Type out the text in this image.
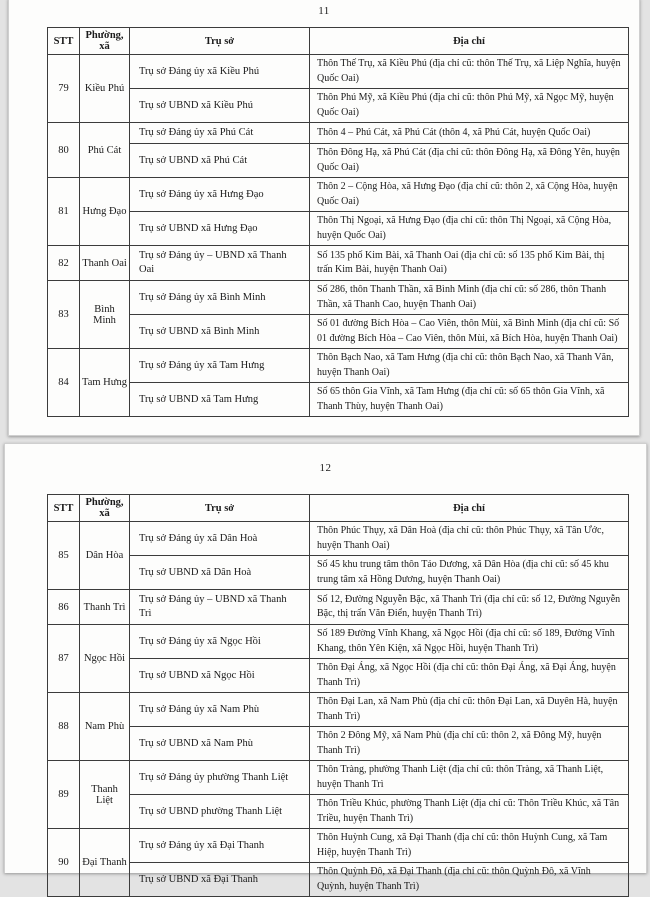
11
STT	Phường, xã	Trụ sở	Địa chỉ
79	Kiều Phú	Trụ sở Đảng ủy xã Kiều Phú	Thôn Thế Trụ, xã Kiều Phú (địa chỉ cũ: thôn Thế Trụ, xã Liệp Nghĩa, huyện Quốc Oai)
		Trụ sở UBND xã Kiều Phú	Thôn Phú Mỹ, xã Kiều Phú (địa chỉ cũ: thôn Phú Mỹ, xã Ngọc Mỹ, huyện Quốc Oai)
80	Phú Cát	Trụ sở Đảng ủy xã Phú Cát	Thôn 4 – Phú Cát, xã Phú Cát (thôn 4, xã Phú Cát, huyện Quốc Oai)
		Trụ sở UBND xã Phú Cát	Thôn Đông Hạ, xã Phú Cát (địa chỉ cũ: thôn Đông Hạ, xã Đông Yên, huyện Quốc Oai)
81	Hưng Đạo	Trụ sở Đảng ủy xã Hưng Đạo	Thôn 2 – Cộng Hòa, xã Hưng Đạo (địa chỉ cũ: thôn 2, xã Cộng Hòa, huyện Quốc Oai)
		Trụ sở UBND xã Hưng Đạo	Thôn Thị Ngoại, xã Hưng Đạo (địa chỉ cũ: thôn Thị Ngoại, xã Cộng Hòa, huyện Quốc Oai)
82	Thanh Oai	Trụ sở Đảng ủy – UBND xã Thanh Oai	Số 135 phố Kim Bài, xã Thanh Oai (địa chỉ cũ: số 135 phố Kim Bài, thị trấn Kim Bài, huyện Thanh Oai)
83	Bình Minh	Trụ sở Đảng ủy xã Bình Minh	Số 286, thôn Thanh Thần, xã Bình Minh (địa chỉ cũ: số 286, thôn Thanh Thần, xã Thanh Cao, huyện Thanh Oai)
		Trụ sở UBND xã Bình Minh	Số 01 đường Bích Hòa – Cao Viên, thôn Mùi, xã Bình Minh (địa chỉ cũ: Số 01 đường Bích Hòa – Cao Viên, thôn Mùi, xã Bích Hòa, huyện Thanh Oai)
84	Tam Hưng	Trụ sở Đảng ủy xã Tam Hưng	Thôn Bạch Nao, xã Tam Hưng (địa chỉ cũ: thôn Bạch Nao, xã Thanh Văn, huyện Thanh Oai)
		Trụ sở UBND xã Tam Hưng	Số 65 thôn Gia Vĩnh, xã Tam Hưng (địa chỉ cũ: số 65 thôn Gia Vĩnh, xã Thanh Thùy, huyện Thanh Oai)
12
STT	Phường, xã	Trụ sở	Địa chỉ
85	Dân Hòa	Trụ sở Đảng ủy xã Dân Hoà	Thôn Phúc Thụy, xã Dân Hoà (địa chỉ cũ: thôn Phúc Thụy, xã Tân Ước, huyện Thanh Oai)
		Trụ sở UBND xã Dân Hoà	Số 45 khu trung tâm thôn Tảo Dương, xã Dân Hòa (địa chỉ cũ: số 45 khu trung tâm xã Hồng Dương, huyện Thanh Oai)
86	Thanh Trì	Trụ sở Đảng ủy – UBND xã Thanh Trì	Số 12, Đường Nguyễn Bặc, xã Thanh Trì (địa chỉ cũ: số 12, Đường Nguyễn Bặc, thị trấn Văn Điển, huyện Thanh Trì)
87	Ngọc Hồi	Trụ sở Đảng ủy xã Ngọc Hồi	Số 189 Đường Vĩnh Khang, xã Ngọc Hồi (địa chỉ cũ: số 189, Đường Vĩnh Khang, thôn Yên Kiện, xã Ngọc Hồi, huyện Thanh Trì)
		Trụ sở UBND xã Ngọc Hồi	Thôn Đại Áng, xã Ngọc Hồi (địa chỉ cũ: thôn Đại Áng, xã Đại Áng, huyện Thanh Trì)
88	Nam Phù	Trụ sở Đảng ủy xã Nam Phù	Thôn Đại Lan, xã Nam Phù (địa chỉ cũ: thôn Đại Lan, xã Duyên Hà, huyện Thanh Trì)
		Trụ sở UBND xã Nam Phù	Thôn 2 Đông Mỹ, xã Nam Phù (địa chỉ cũ: thôn 2, xã Đông Mỹ, huyện Thanh Trì)
89	Thanh Liệt	Trụ sở Đảng ủy phường Thanh Liệt	Thôn Tràng, phường Thanh Liệt (địa chỉ cũ: thôn Tràng, xã Thanh Liệt, huyện Thanh Trì
		Trụ sở UBND phường Thanh Liệt	Thôn Triều Khúc, phường Thanh Liệt (địa chỉ cũ: Thôn Triều Khúc, xã Tân Triều, huyện Thanh Trì)
90	Đại Thanh	Trụ sở Đảng ủy xã Đại Thanh	Thôn Huỳnh Cung, xã Đại Thanh (địa chỉ cũ: thôn Huỳnh Cung, xã Tam Hiệp, huyện Thanh Trì)
		Trụ sở UBND xã Đại Thanh	Thôn Quỳnh Đô, xã Đại Thanh (địa chỉ cũ: thôn Quỳnh Đô, xã Vĩnh Quỳnh, huyện Thanh Trì)
